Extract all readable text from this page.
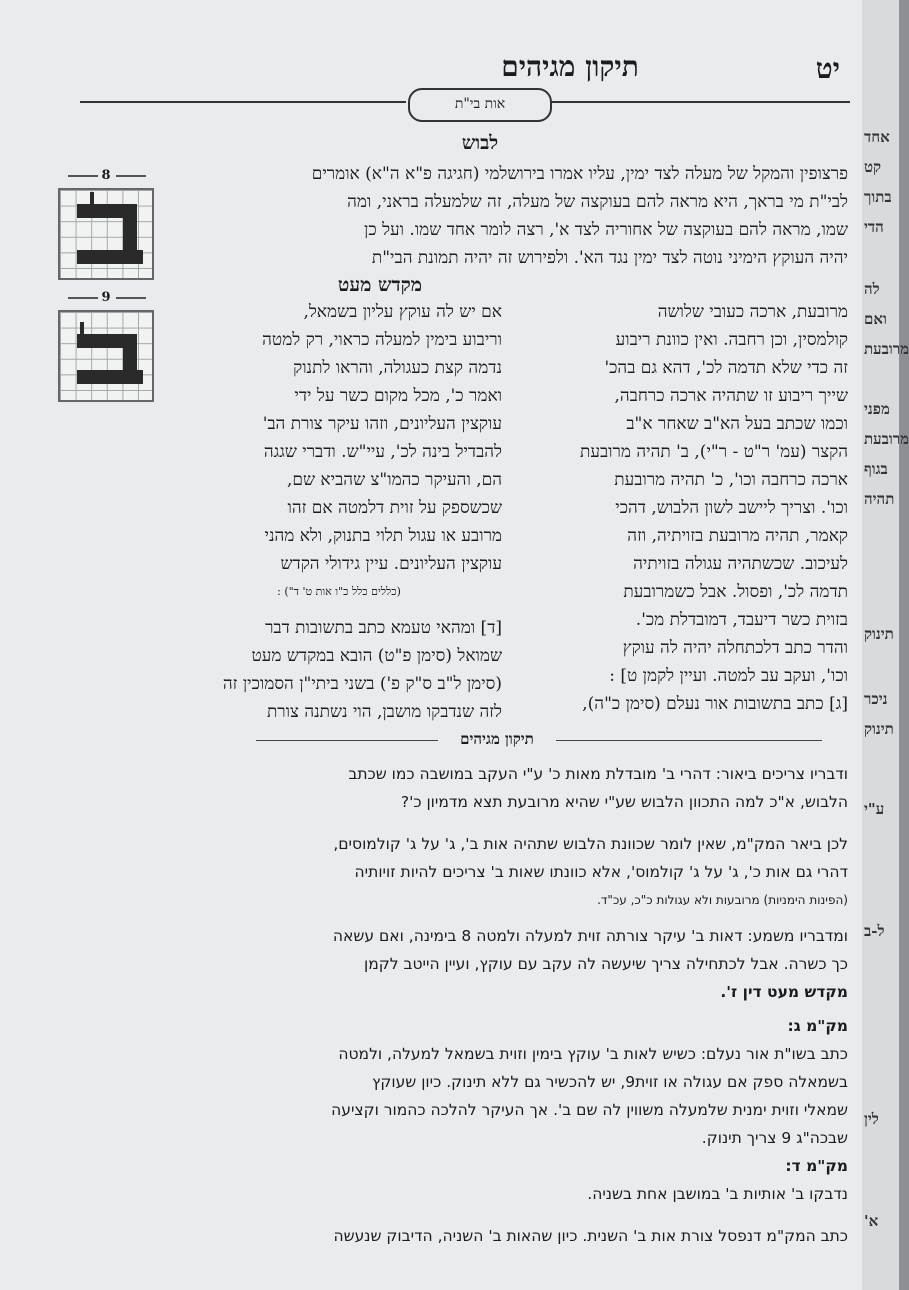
תיקון מגיהים	יט
אות בי"ת
8
9
לבוש
פרצופין והמקל של מעלה לצד ימין, עליו אמרו בירושלמי (חגיגה פ"א ה"א) אומרים
לבי"ת מי בראך, היא מראה להם בעוקצה של מעלה, זה שלמעלה בראני, ומה
שמו, מראה להם בעוקצה של אחוריה לצד א', רצה לומר אחד שמו. ועל כן
יהיה העוקץ הימיני נוטה לצד ימין נגד הא'. ולפירוש זה יהיה תמונת הבי"ת
מקדש מעט
מרובעת, ארכה כעובי שלושה
קולמסין, וכן רחבה. ואין כוונת ריבוע
זה כדי שלא תדמה לכ', דהא גם בהכ'
שייך ריבוע זו שתהיה ארכה כרחבה,
וכמו שכתב בעל הא"ב שאחר א"ב
הקצר (עמ' ר"ט - ר"י), ב' תהיה מרובעת
ארכה כרחבה וכו', כ' תהיה מרובעת
וכו'. וצריך ליישב לשון הלבוש, דהכי
קאמר, תהיה מרובעת בזויתיה, וזה
לעיכוב. שכשתהיה עגולה בזויתיה
תדמה לכ', ופסול. אבל כשמרובעת
בזוית כשר דיעבד, דמובדלת מכ'.
והדר כתב דלכתחלה יהיה לה עוקץ
וכו', ועקב עב למטה. ועיין לקמן ט] :
[ג] כתב בתשובות אור נעלם (סימן כ"ה),
אם יש לה עוקץ עליון בשמאל,
וריבוע בימין למעלה כראוי, רק למטה
נדמה קצת כעגולה, והראו לתנוק
ואמר כ', מכל מקום כשר על ידי
עוקצין העליונים, וזהו עיקר צורת הב'
להבדיל בינה לכ', עיי"ש. ודברי שגגה
הם, והעיקר כהמו"צ שהביא שם,
שכשספק על זוית דלמטה אם זהו
מרובע או עגול תלוי בתנוק, ולא מהני
עוקצין העליונים. עיין גידולי הקדש
(כללים כלל כ"ו אות ט' ד") :
[ד] ומהאי טעמא כתב בתשובות דבר
שמואל (סימן פ"ט) הובא במקדש מעט
(סימן ל"ב ס"ק פ') בשני ביתי"ן הסמוכין זה
לזה שנדבקו מושבן, הוי נשתנה צורת
תיקון מגיהים
ודבריו צריכים ביאור: דהרי ב' מובדלת מאות כ' ע"י העקב במושבה כמו שכתב
הלבוש, א"כ למה התכוון הלבוש שע"י שהיא מרובעת תצא מדמיון כ'?
לכן ביאר המק"מ, שאין לומר שכוונת הלבוש שתהיה אות ב', ג' על ג' קולמוסים,
דהרי גם אות כ', ג' על ג' קולמוס', אלא כוונתו שאות ב' צריכים להיות זויותיה
(הפינות הימניות) מרובעות ולא עגולות כ"כ, עכ"ד.
ומדבריו משמע: דאות ב' עיקר צורתה זוית למעלה ולמטה 8 בימינה, ואם עשאה
כך כשרה. אבל לכתחילה צריך שיעשה לה עקב עם עוקץ, ועיין הייטב לקמן
מקדש מעט דין ז'.
מק"מ ג:
כתב בשו"ת אור נעלם: כשיש לאות ב' עוקץ בימין וזוית בשמאל למעלה, ולמטה
בשמאלה ספק אם עגולה או זוית9, יש להכשיר גם ללא תינוק. כיון שעוקץ
שמאלי וזוית ימנית שלמעלה משווין לה שם ב'. אך העיקר להלכה כהמור וקציעה
שבכה"ג 9 צריך תינוק.
מק"מ ד:
נדבקו ב' אותיות ב' במושבן אחת בשניה.
כתב המק"מ דנפסל צורת אות ב' השנית. כיון שהאות ב' השניה, הדיבוק שנעשה
אחד
קט
בתוך
הדי
לה
ואם
מרובעת
מפני
מרובעת
בגוף
תהיה
תינוק
ניכר
תינוק
ע"י
ל-ב
לין
א'
